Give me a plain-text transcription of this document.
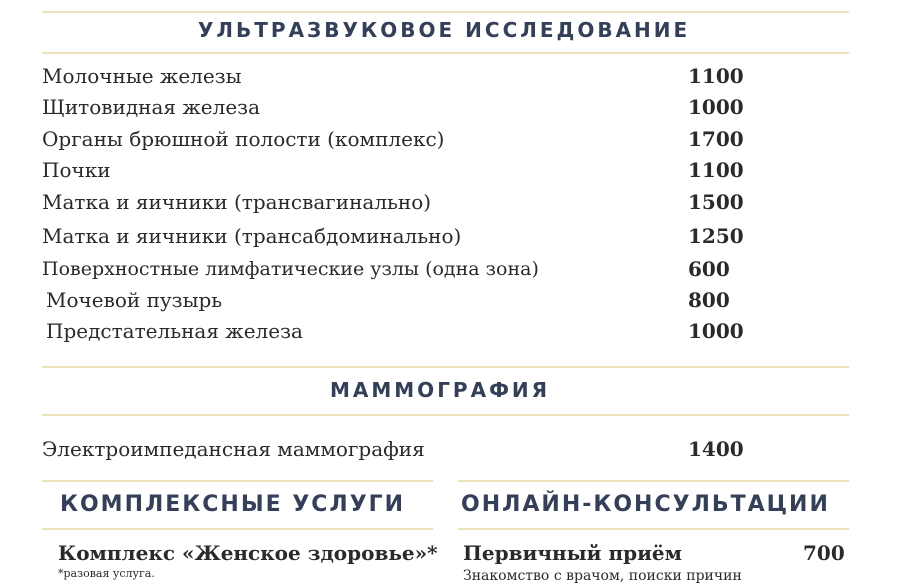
УЛЬТРАЗВУКОВОЕ ИССЛЕДОВАНИЕ
Молочные железы	1100
Щитовидная железа	1000
Органы брюшной полости (комплекс)	1700
Почки	1100
Матка и яичники (трансвагинально)	1500
Матка и яичники (трансабдоминально)	1250
Поверхностные лимфатические узлы (одна зона)	600
Мочевой пузырь	800
Предстательная железа	1000
МАММОГРАФИЯ
Электроимпедансная маммография	1400
КОМПЛЕКСНЫЕ УСЛУГИ	ОНЛАЙН-КОНСУЛЬТАЦИИ
Комплекс «Женское здоровье»*
*разовая услуга.
Первичный приём	700
Знакомство с врачом, поиски причин
